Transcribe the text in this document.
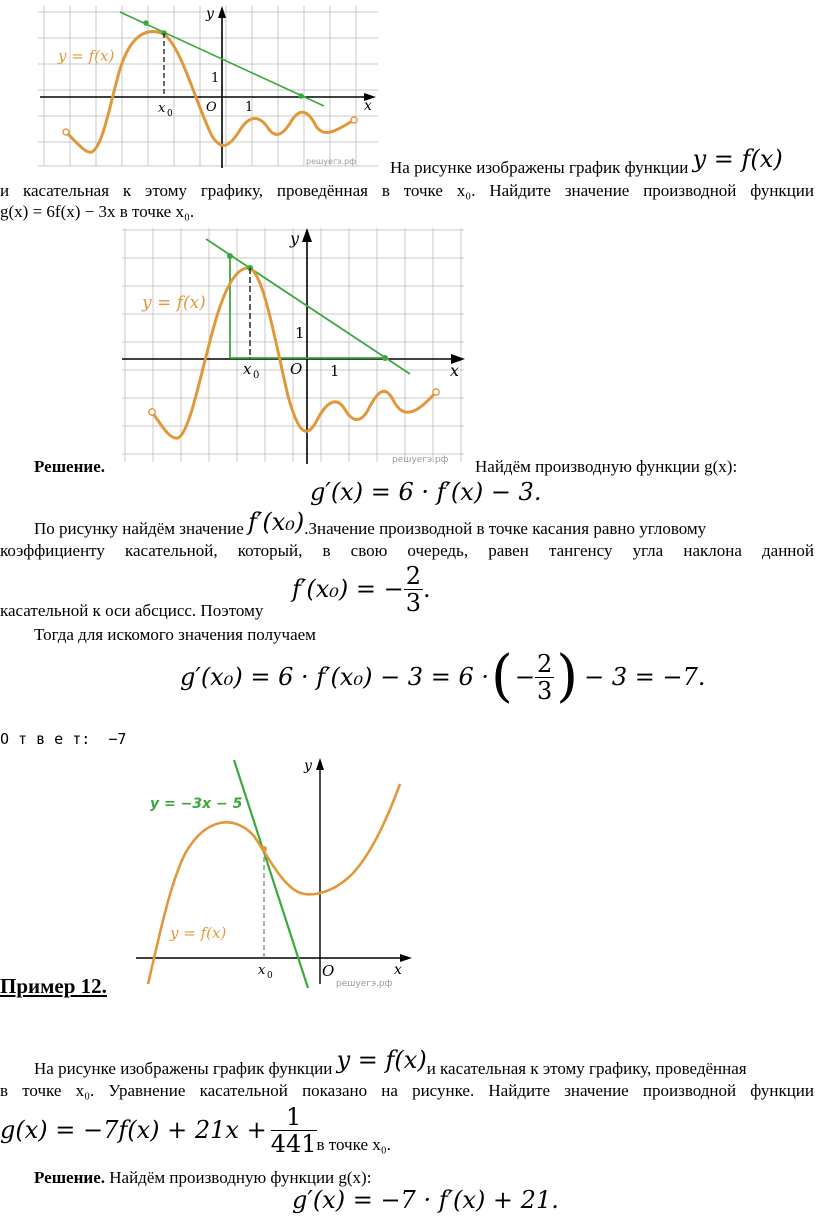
y = f(x)
y
x
x 0	O 1
1
решуегэ.рф На рисунке изображены график функции y = f(x)
и касательная к этому графику, проведённая в точке x₀. Найдите значение производной функции
g(x) = 6f(x) − 3x в точке x₀.
y = f(x)
y
x
x 0 O 1
1
решуегэ.рф
Решение.	Найдём производную функции g(x):
g′(x) = 6 · f′(x) − 3.
По рисунку найдём значение f′(x₀).Значение производной в точке касания равно угловому
коэффициенту касательной, который, в свою очередь, равен тангенсу угла наклона данной
f′(x₀) = − $\frac{2}{3}$ .
касательной к оси абсцисс. Поэтому
Тогда для искомого значения получаем
g′(x₀) = 6 · f′(x₀) − 3 = 6 · ( − $\frac{2}{3}$ ) − 3 = −7.
О т в е т:  −7
y = −3x − 5
y = f(x)
y
x
x 0	O
решуегэ.рф
Пример 12.
На рисунке изображены график функции y = f(x)и касательная к этому графику, проведённая
в точке x₀. Уравнение касательной показано на рисунке. Найдите значение производной функции
$g(x) = -7f(x) + 21x + \frac{1}{441}$ в точке x₀.
Решение. Найдём производную функции g(x):
g′(x) = −7 · f′(x) + 21.
